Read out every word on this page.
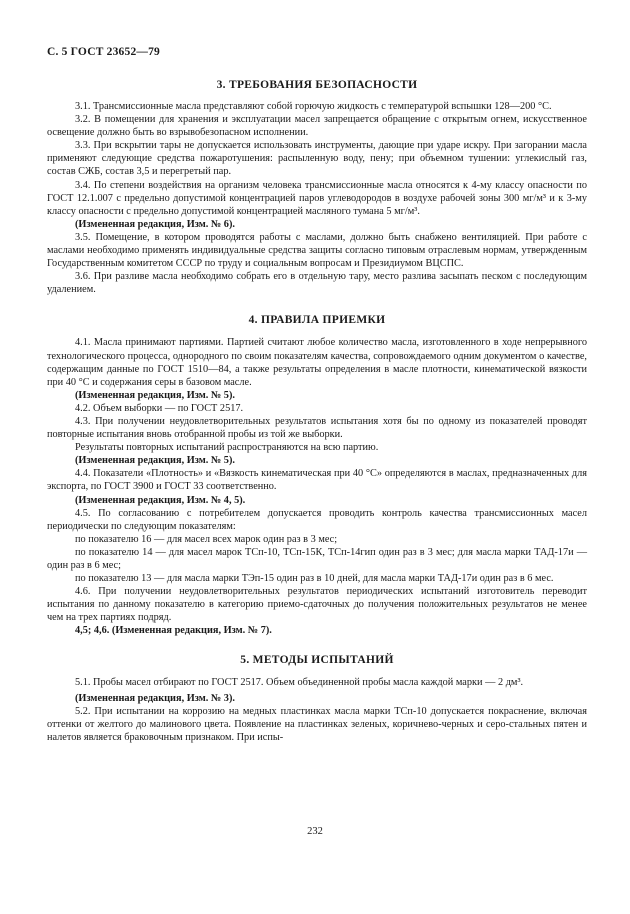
С. 5 ГОСТ 23652—79
3. ТРЕБОВАНИЯ БЕЗОПАСНОСТИ

3.1. Трансмиссионные масла представляют собой горючую жидкость с температурой вспышки 128—200 °С.

3.2. В помещении для хранения и эксплуатации масел запрещается обращение с открытым огнем, искусственное освещение должно быть во взрывобезопасном исполнении.

3.3. При вскрытии тары не допускается использовать инструменты, дающие при ударе искру. При загорании масла применяют следующие средства пожаротушения: распыленную воду, пену; при объемном тушении: углекислый газ, состав СЖБ, состав 3,5 и перегретый пар.

3.4. По степени воздействия на организм человека трансмиссионные масла относятся к 4-му классу опасности по ГОСТ 12.1.007 с предельно допустимой концентрацией паров углеводородов в воздухе рабочей зоны 300 мг/м³ и к 3-му классу опасности с предельно допустимой концентрацией масляного тумана 5 мг/м³.

(Измененная редакция, Изм. № 6).

3.5. Помещение, в котором проводятся работы с маслами, должно быть снабжено вентиляцией. При работе с маслами необходимо применять индивидуальные средства защиты согласно типовым отраслевым нормам, утвержденным Государственным комитетом СССР по труду и социальным вопросам и Президиумом ВЦСПС.

3.6. При разливе масла необходимо собрать его в отдельную тару, место разлива засыпать песком с последующим удалением.

4. ПРАВИЛА ПРИЕМКИ

4.1. Масла принимают партиями. Партией считают любое количество масла, изготовленного в ходе непрерывного технологического процесса, однородного по своим показателям качества, сопровождаемого одним документом о качестве, содержащим данные по ГОСТ 1510—84, а также результаты определения в масле плотности, кинематической вязкости при 40 °С и содержания серы в базовом масле.

(Измененная редакция, Изм. № 5).

4.2. Объем выборки — по ГОСТ 2517.

4.3. При получении неудовлетворительных результатов испытания хотя бы по одному из показателей проводят повторные испытания вновь отобранной пробы из той же выборки.

Результаты повторных испытаний распространяются на всю партию.

(Измененная редакция, Изм. № 5).

4.4. Показатели «Плотность» и «Вязкость кинематическая при 40 °С» определяются в маслах, предназначенных для экспорта, по ГОСТ 3900 и ГОСТ 33 соответственно.

(Измененная редакция, Изм. № 4, 5).

4.5. По согласованию с потребителем допускается проводить контроль качества трансмиссионных масел периодически по следующим показателям:

по показателю 16 — для масел всех марок один раз в 3 мес;

по показателю 14 — для масел марок ТСп-10, ТСп-15К, ТСп-14гип один раз в 3 мес; для масла марки ТАД-17и — один раз в 6 мес;

по показателю 13 — для масла марки ТЭп-15 один раз в 10 дней, для масла марки ТАД-17и один раз в 6 мес.

4.6. При получении неудовлетворительных результатов периодических испытаний изготовитель переводит испытания по данному показателю в категорию приемо-сдаточных до получения положительных результатов не менее чем на трех партиях подряд.

4,5; 4,6. (Измененная редакция, Изм. № 7).

5. МЕТОДЫ ИСПЫТАНИЙ

5.1. Пробы масел отбирают по ГОСТ 2517. Объем объединенной пробы масла каждой марки — 2 дм³.

(Измененная редакция, Изм. № 3).

5.2. При испытании на коррозию на медных пластинках масла марки ТСп-10 допускается покраснение, включая оттенки от желтого до малинового цвета. Появление на пластинках зеленых, коричнево-черных и серо-стальных пятен и налетов является браковочным признаком. При испы-

232
